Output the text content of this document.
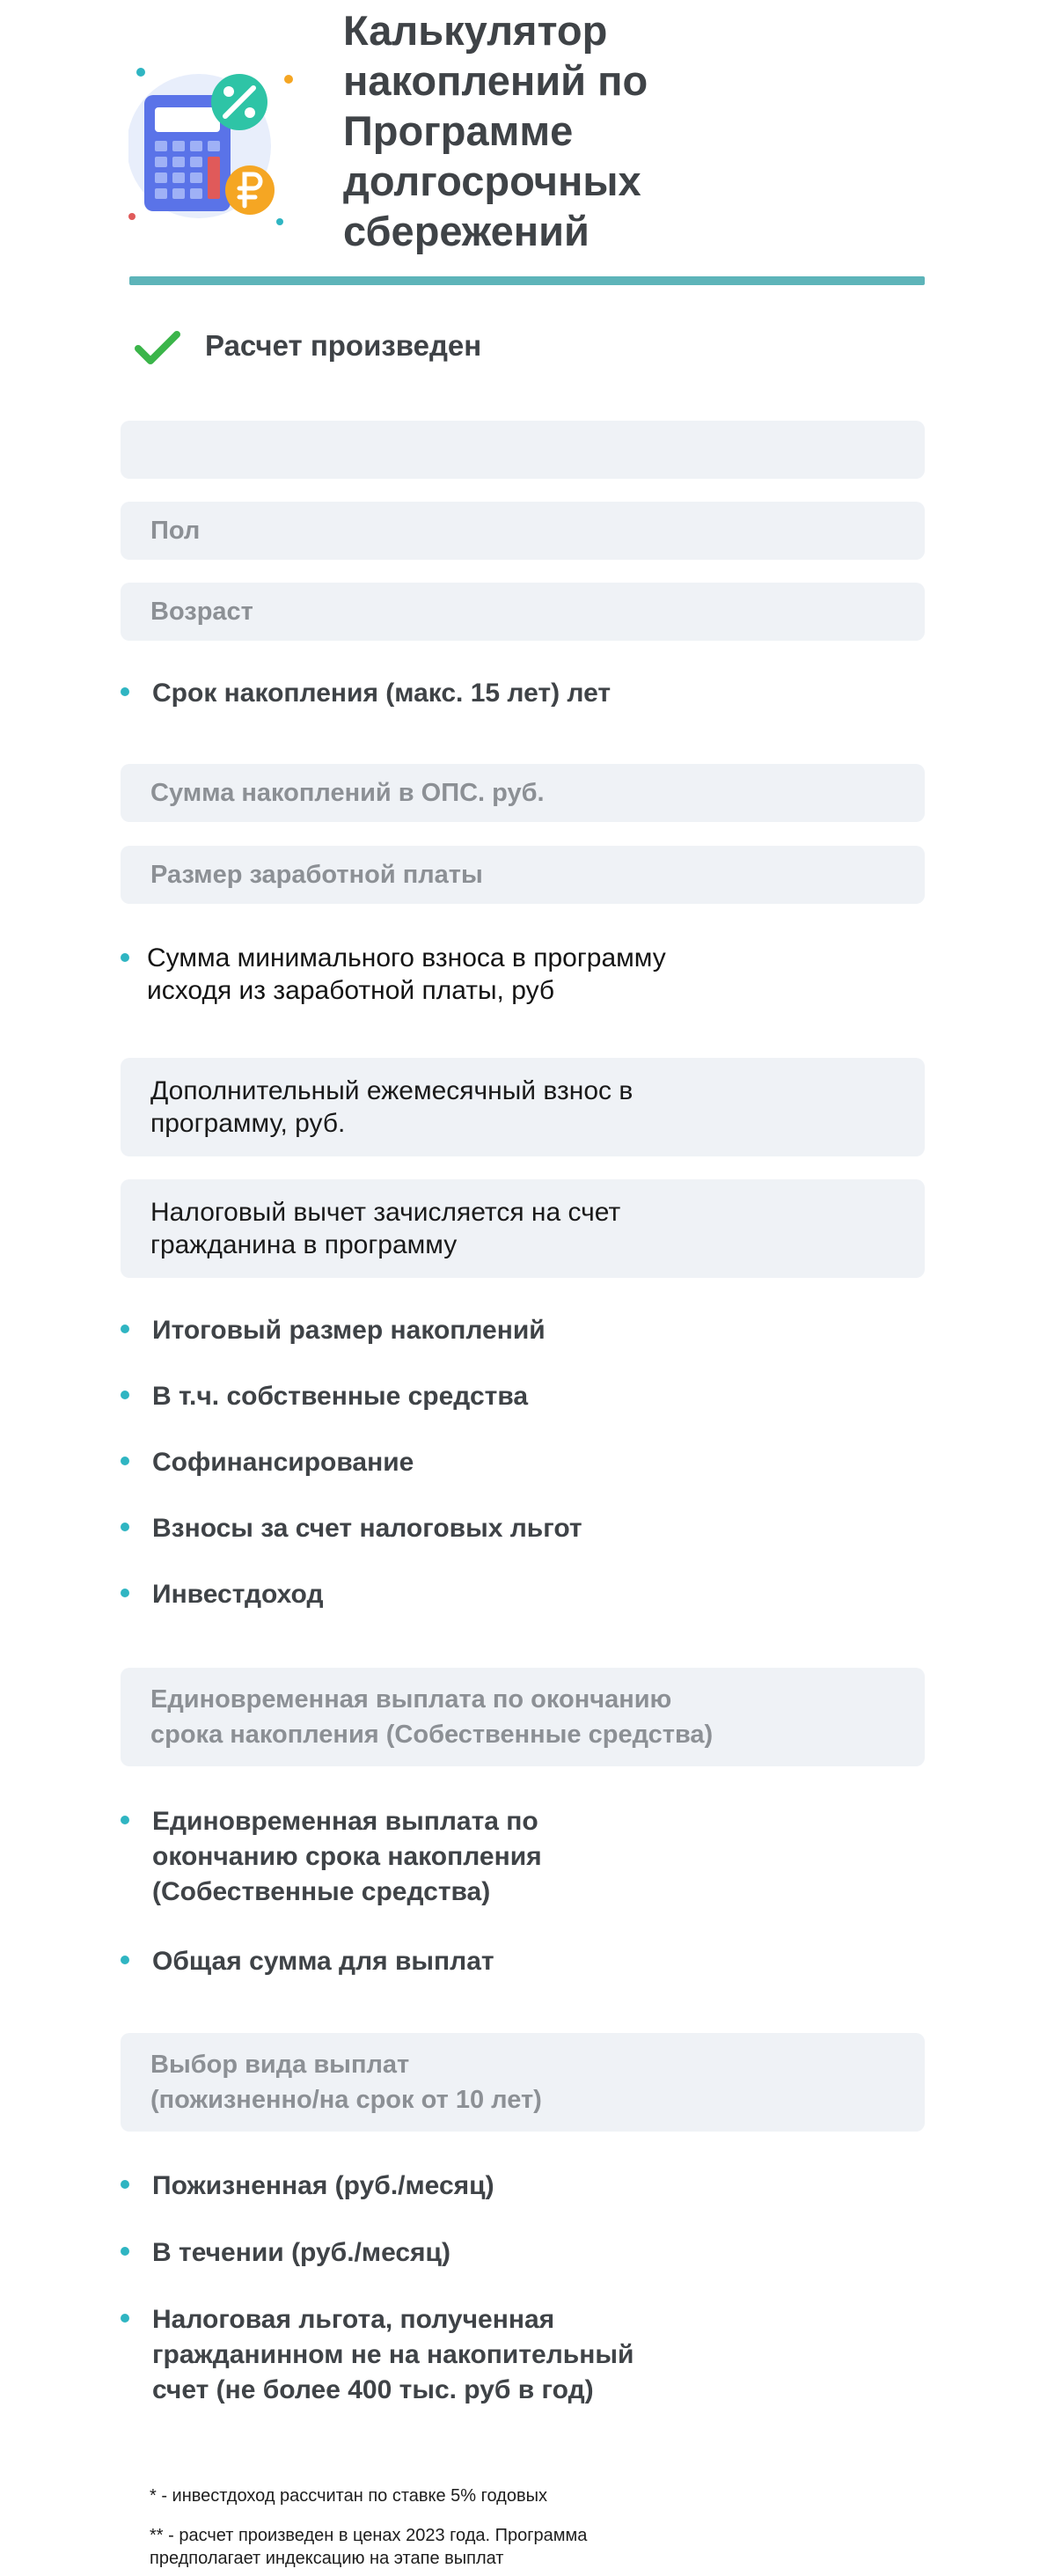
Калькулятор
накоплений по
Программе
долгосрочных
сбережений
Расчет произведен
Пол
Возраст
Срок накопления (макс. 15 лет) лет
Сумма накоплений в ОПС. руб.
Размер заработной платы
Сумма минимального взноса в программу
исходя из заработной платы, руб
Дополнительный ежемесячный взнос в
программу, руб.
Налоговый вычет зачисляется на счет
гражданина в программу
Итоговый размер накоплений
В т.ч. собственные средства
Софинансирование
Взносы за счет налоговых льгот
Инвестдоход
Единовременная выплата по окончанию
срока накопления (Собественные средства)
Единовременная выплата по
окончанию срока накопления
(Собественные средства)
Общая сумма для выплат
Выбор вида выплат
(пожизненно/на срок от 10 лет)
Пожизненная (руб./месяц)
В течении (руб./месяц)
Налоговая льгота, полученная
гражданинном не на накопительный
счет (не более 400 тыс. руб в год)
* - инвестдоход рассчитан по ставке 5% годовых
** - расчет произведен в ценах 2023 года. Программа
предполагает индексацию на этапе выплат
